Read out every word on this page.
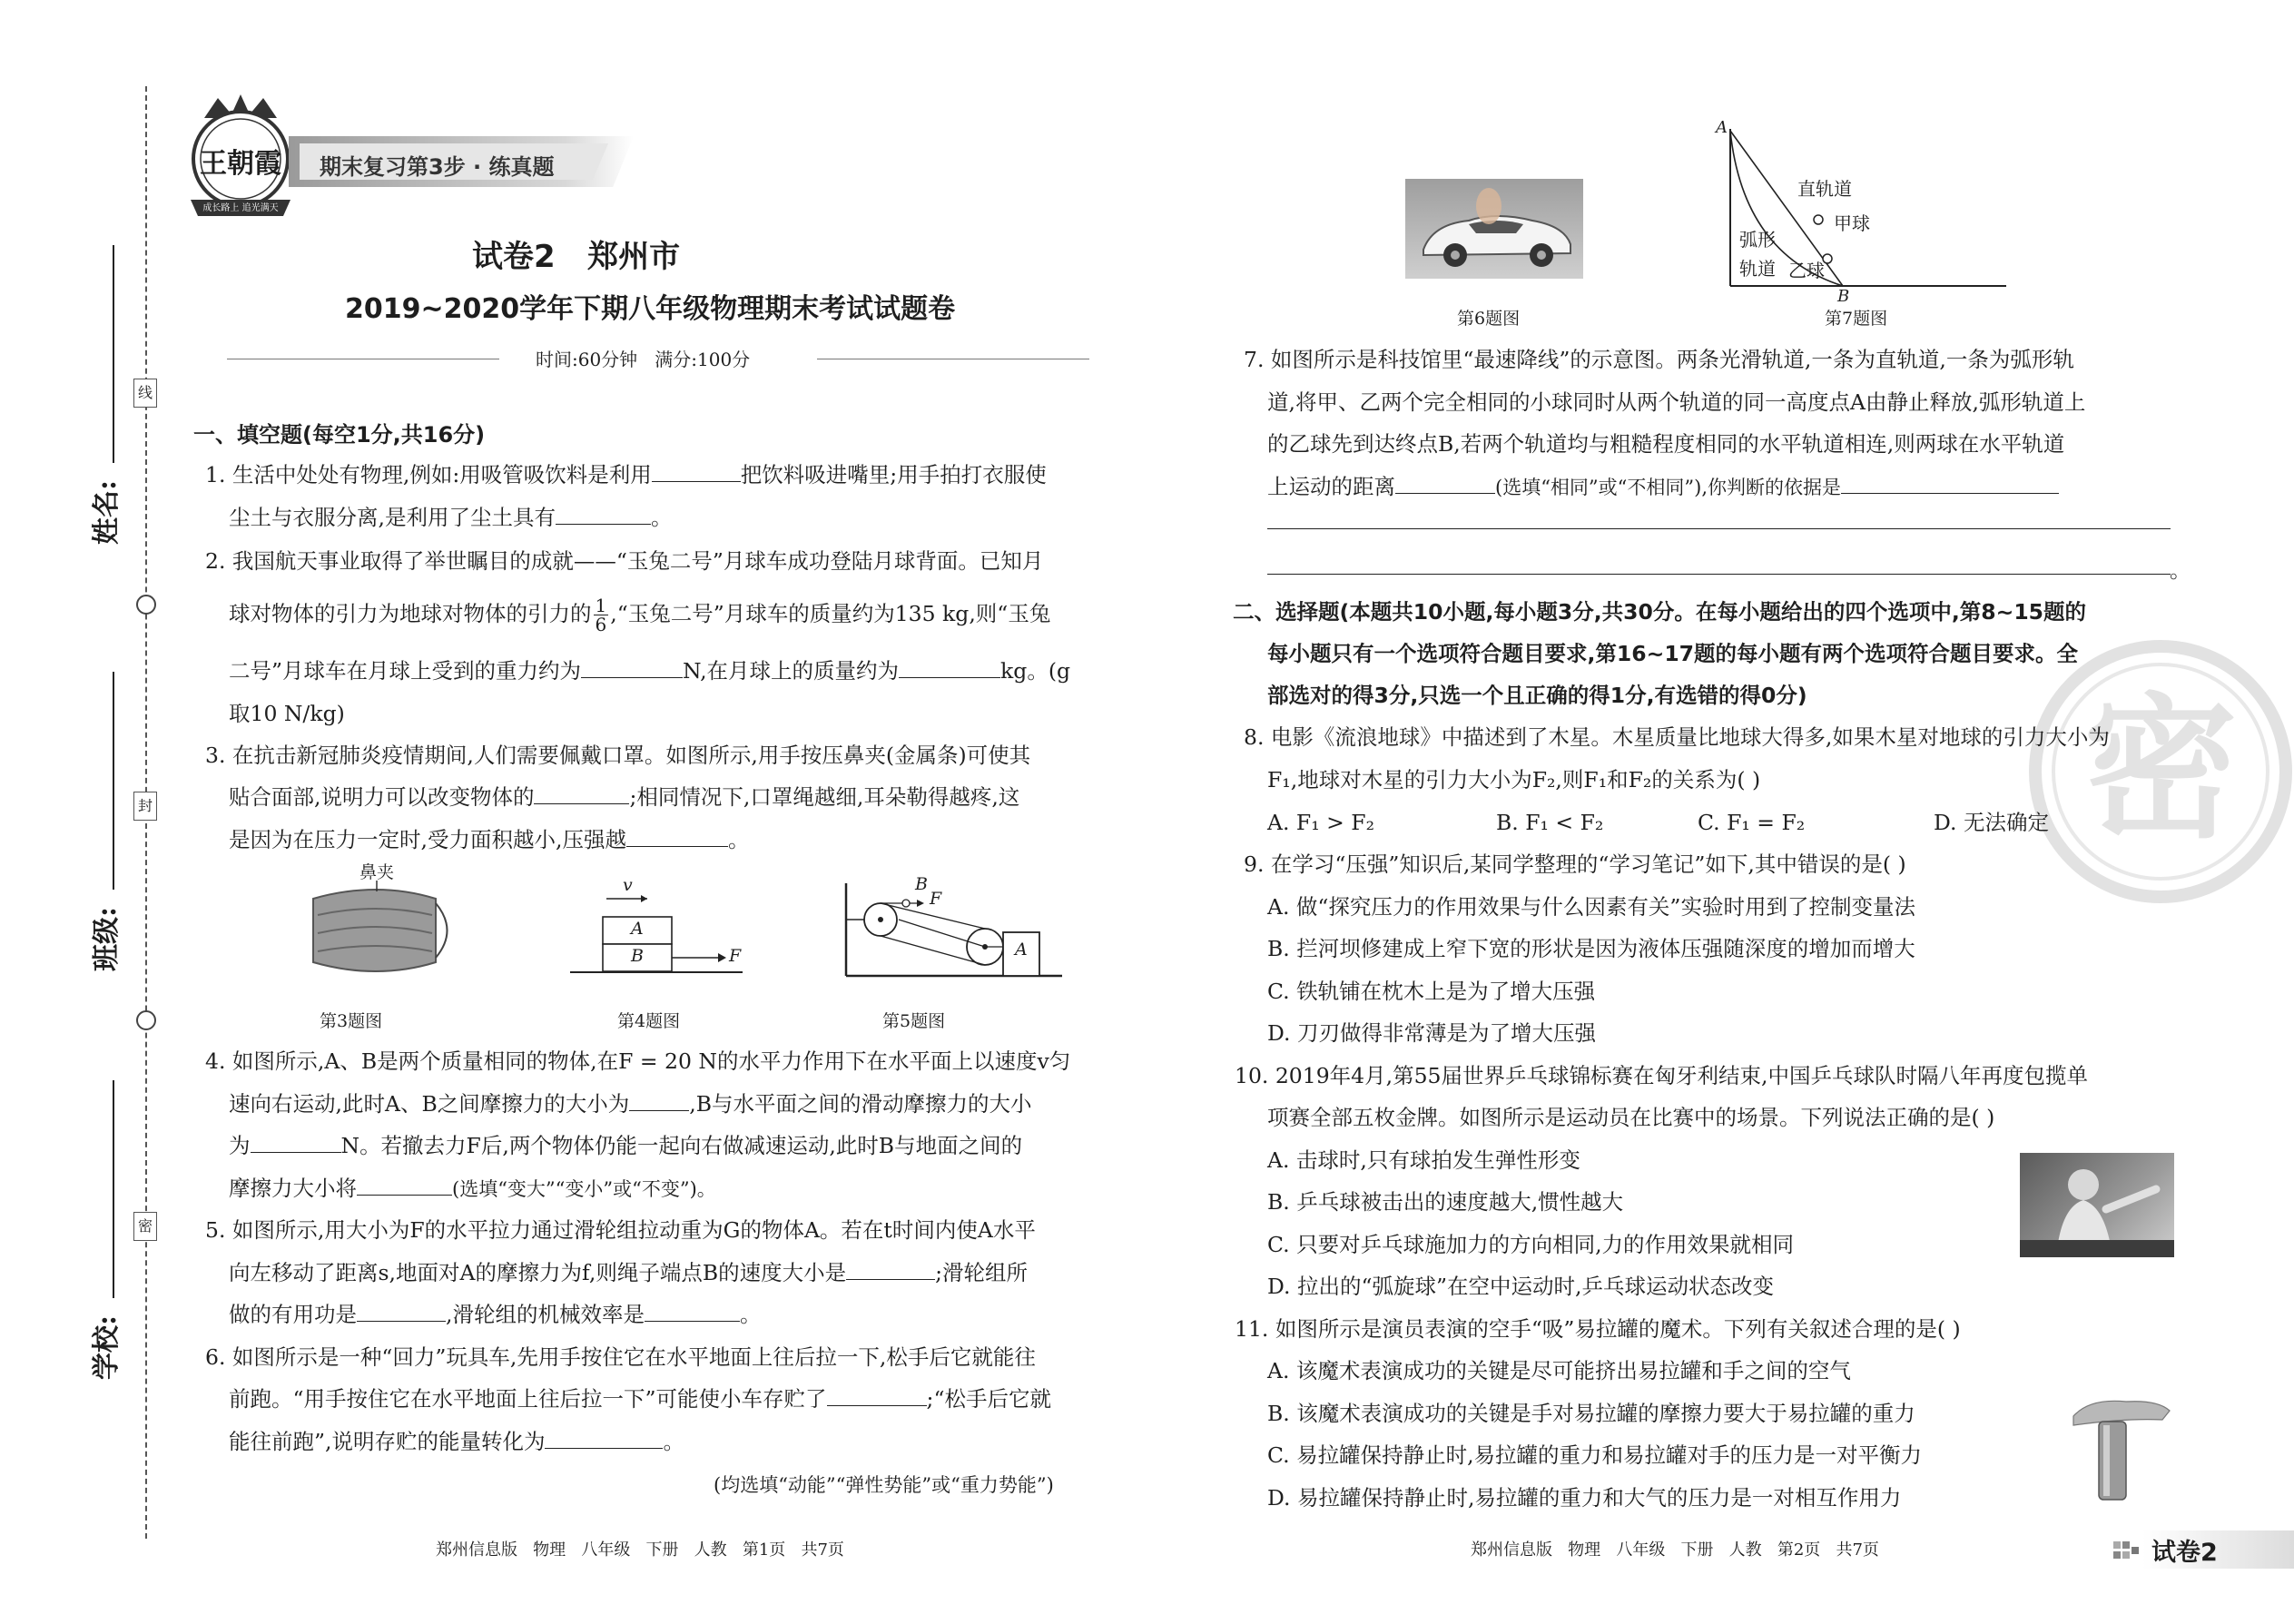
线
封
密
姓名:
班级:
学校:
王朝霞
成长路上 追光满天
期末复习第3步 · 练真题
试卷2   郑州市
2019~2020学年下期八年级物理期末考试试题卷
时间:60分钟   满分:100分
一、填空题(每空1分,共16分)
1. 生活中处处有物理,例如:用吸管吸饮料是利用	把饮料吸进嘴里;用手拍打衣服使
尘土与衣服分离,是利用了尘土具有	。
2. 我国航天事业取得了举世瞩目的成就——“玉兔二号”月球车成功登陆月球背面。已知月
球对物体的引力为地球对物体的引力的 $\frac{1}{6}$ ,“玉兔二号”月球车的质量约为135 kg,则“玉兔
二号”月球车在月球上受到的重力约为	N,在月球上的质量约为	kg。(g
取10 N/kg)
3. 在抗击新冠肺炎疫情期间,人们需要佩戴口罩。如图所示,用手按压鼻夹(金属条)可使其
贴合面部,说明力可以改变物体的	;相同情况下,口罩绳越细,耳朵勒得越疼,这
是因为在压力一定时,受力面积越小,压强越	。
鼻夹
第3题图
v
A
B	F
第4题图
B
F
A
第5题图
4. 如图所示,A、B是两个质量相同的物体,在F = 20 N的水平力作用下在水平面上以速度v匀
速向右运动,此时A、B之间摩擦力的大小为	,B与水平面之间的滑动摩擦力的大小
为	N。若撤去力F后,两个物体仍能一起向右做减速运动,此时B与地面之间的
摩擦力大小将	(选填“变大”“变小”或“不变”)。
5. 如图所示,用大小为F的水平拉力通过滑轮组拉动重为G的物体A。若在t时间内使A水平
向左移动了距离s,地面对A的摩擦力为f,则绳子端点B的速度大小是	;滑轮组所
做的有用功是	,滑轮组的机械效率是	。
6. 如图所示是一种“回力”玩具车,先用手按住它在水平地面上往后拉一下,松手后它就能往
前跑。“用手按住它在水平地面上往后拉一下”可能使小车存贮了	;“松手后它就
能往前跑”,说明存贮的能量转化为	。
(均选填“动能”“弹性势能”或“重力势能”)
郑州信息版   物理   八年级   下册   人教   第1页   共7页
第6题图
A
B
直轨道
甲球
弧形
轨道 乙球
第7题图
7. 如图所示是科技馆里“最速降线”的示意图。两条光滑轨道,一条为直轨道,一条为弧形轨
道,将甲、乙两个完全相同的小球同时从两个轨道的同一高度点A由静止释放,弧形轨道上
的乙球先到达终点B,若两个轨道均与粗糙程度相同的水平轨道相连,则两球在水平轨道
上运动的距离	(选填“相同”或“不相同”),你判断的依据是
。
密
二、选择题(本题共10小题,每小题3分,共30分。在每小题给出的四个选项中,第8~15题的
每小题只有一个选项符合题目要求,第16~17题的每小题有两个选项符合题目要求。全
部选对的得3分,只选一个且正确的得1分,有选错的得0分)
8. 电影《流浪地球》中描述到了木星。木星质量比地球大得多,如果木星对地球的引力大小为
F₁,地球对木星的引力大小为F₂,则F₁和F₂的关系为( )
A. F₁ > F₂	B. F₁ < F₂	C. F₁ = F₂	D. 无法确定
9. 在学习“压强”知识后,某同学整理的“学习笔记”如下,其中错误的是( )
A. 做“探究压力的作用效果与什么因素有关”实验时用到了控制变量法
B. 拦河坝修建成上窄下宽的形状是因为液体压强随深度的增加而增大
C. 铁轨铺在枕木上是为了增大压强
D. 刀刃做得非常薄是为了增大压强
10. 2019年4月,第55届世界乒乓球锦标赛在匈牙利结束,中国乒乓球队时隔八年再度包揽单
项赛全部五枚金牌。如图所示是运动员在比赛中的场景。下列说法正确的是( )
A. 击球时,只有球拍发生弹性形变
B. 乒乓球被击出的速度越大,惯性越大
C. 只要对乒乓球施加力的方向相同,力的作用效果就相同
D. 拉出的“弧旋球”在空中运动时,乒乓球运动状态改变
11. 如图所示是演员表演的空手“吸”易拉罐的魔术。下列有关叙述合理的是( )
A. 该魔术表演成功的关键是尽可能挤出易拉罐和手之间的空气
B. 该魔术表演成功的关键是手对易拉罐的摩擦力要大于易拉罐的重力
C. 易拉罐保持静止时,易拉罐的重力和易拉罐对手的压力是一对平衡力
D. 易拉罐保持静止时,易拉罐的重力和大气的压力是一对相互作用力
郑州信息版   物理   八年级   下册   人教   第2页   共7页	试卷2
